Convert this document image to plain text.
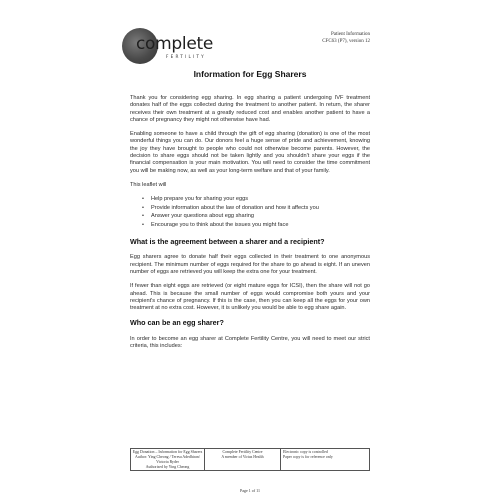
complete
FERTILITY
Patient Information
CFC63 (P7), version 12
Information for Egg Sharers

Thank you for considering egg sharing. In egg sharing a patient undergoing IVF treatment donates half of the eggs collected during the treatment to another patient. In return, the sharer receives their own treatment at a greatly reduced cost and enables another patient to have a chance of pregnancy they might not otherwise have had.

Enabling someone to have a child through the gift of egg sharing (donation) is one of the most wonderful things you can do. Our donors feel a huge sense of pride and achievement, knowing the joy they have brought to people who could not otherwise become parents. However, the decision to share eggs should not be taken lightly and you shouldn't share your eggs if the financial compensation is your main motivation. You will need to consider the time commitment you will be making now, as well as your long-term welfare and that of your family.

This leaflet will

• Help prepare you for sharing your eggs
• Provide information about the law of donation and how it affects you
• Answer your questions about egg sharing
• Encourage you to think about the issues you might face
What is the agreement between a sharer and a recipient?

Egg sharers agree to donate half their eggs collected in their treatment to one anonymous recipient. The minimum number of eggs required for the share to go ahead is eight. If an uneven number of eggs are retrieved you will keep the extra one for your treatment.

If fewer than eight eggs are retrieved (or eight mature eggs for ICSI), then the share will not go ahead. This is because the small number of eggs would compromise both yours and your recipient's chance of pregnancy. If this is the case, then you can keep all the eggs for your own treatment at no extra cost. However, it is unlikely you would be able to egg share again.

Who can be an egg sharer?

In order to become an egg sharer at Complete Fertility Centre, you will need to meet our strict criteria, this includes:

Egg Donation – Information for Egg Sharers
Author: Ying Cheong / Teresa Adedhiran/ Victoria Ryder
Authorised by Ying Cheong

Complete Fertility Centre
A member of Virtus Health

Electronic copy is controlled
Paper copy is for reference only
Page 1 of 11
